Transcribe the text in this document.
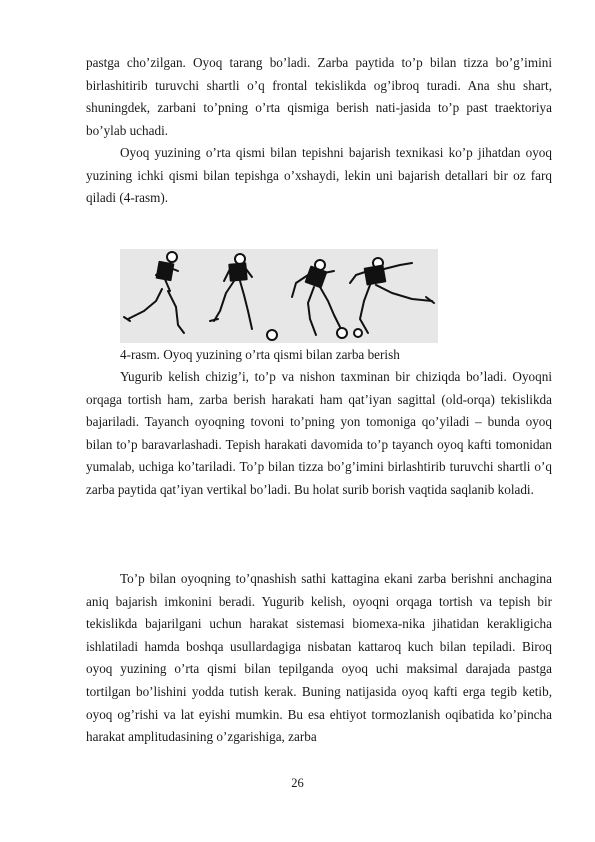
pastga cho’zilgan. Oyoq tarang bo’ladi. Zarba paytida to’p bilan tizza bo’g’imini birlashitirib turuvchi shartli o’q frontal tekislikda og’ibroq turadi. Ana shu shart, shuningdek, zarbani to’pning o’rta qismiga berish nati-jasida to’p past traektoriya bo’ylab uchadi.

Oyoq yuzining o’rta qismi bilan tepishni bajarish texnikasi ko’p jihatdan oyoq yuzining ichki qismi bilan tepishga o’xshaydi, lekin uni bajarish detallari bir oz farq qiladi (4-rasm).

4-rasm. Oyoq yuzining o’rta qismi bilan zarba berish

Yugurib kelish chizig’i, to’p va nishon taxminan bir chiziqda bo’ladi. Oyoqni orqaga tortish ham, zarba berish harakati ham qat’iyan sagittal (old-orqa) tekislikda bajariladi. Tayanch oyoqning tovoni to’pning yon tomoniga qo’yiladi – bunda oyoq bilan to’p baravarlashadi. Tepish harakati davomida to’p tayanch oyoq kafti tomonidan yumalab, uchiga ko’tariladi. To’p bilan tizza bo’g’imini birlashtirib turuvchi shartli o’q zarba paytida qat’iyan vertikal bo’ladi. Bu holat surib borish vaqtida saqlanib koladi.

To’p bilan oyoqning to’qnashish sathi kattagina ekani zarba berishni anchagina aniq bajarish imkonini beradi. Yugurib kelish, oyoqni orqaga tortish va tepish bir tekislikda bajarilgani uchun harakat sistemasi biomexa-nika jihatidan kerakligicha ishlatiladi hamda boshqa usullardagiga nisbatan kattaroq kuch bilan tepiladi. Biroq oyoq yuzining o’rta qismi bilan tepilganda oyoq uchi maksimal darajada pastga tortilgan bo’lishini yodda tutish kerak. Buning natijasida oyoq kafti erga tegib ketib, oyoq og’rishi va lat eyishi mumkin. Bu esa ehtiyot tormozlanish oqibatida ko’pincha harakat amplitudasining o’zgarishiga, zarba

26
